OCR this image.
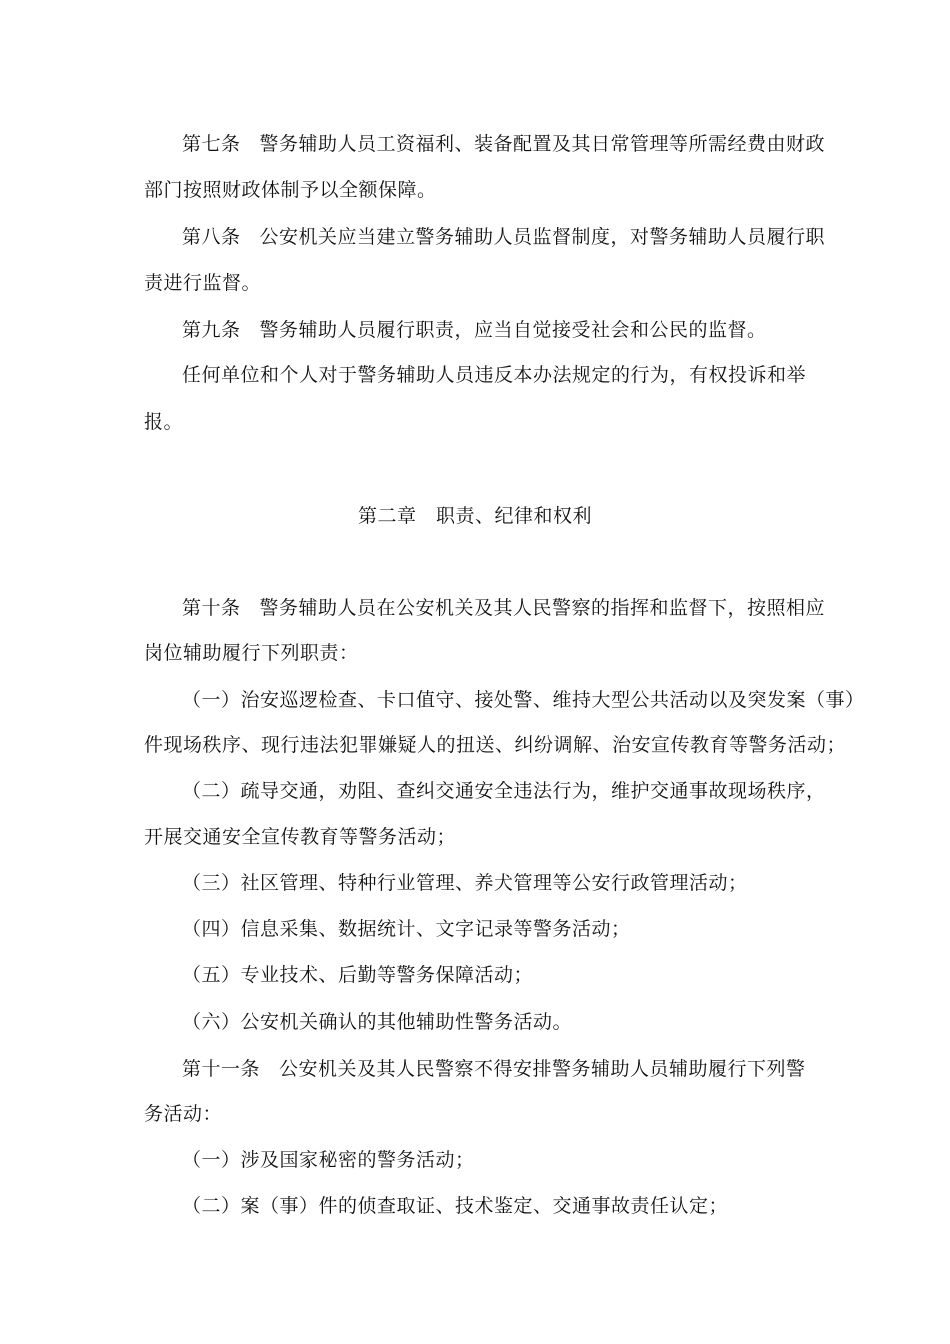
第七条 警务辅助人员工资福利、装备配置及其日常管理等所需经费由财政
部门按照财政体制予以全额保障。
第八条 公安机关应当建立警务辅助人员监督制度，对警务辅助人员履行职
责进行监督。
第九条 警务辅助人员履行职责，应当自觉接受社会和公民的监督。
任何单位和个人对于警务辅助人员违反本办法规定的行为，有权投诉和举
报。
第二章　职责、纪律和权利
第十条 警务辅助人员在公安机关及其人民警察的指挥和监督下，按照相应
岗位辅助履行下列职责：
（一）治安巡逻检查、卡口值守、接处警、维持大型公共活动以及突发案（事）
件现场秩序、现行违法犯罪嫌疑人的扭送、纠纷调解、治安宣传教育等警务活动；
（二）疏导交通，劝阻、查纠交通安全违法行为，维护交通事故现场秩序，
开展交通安全宣传教育等警务活动；
（三）社区管理、特种行业管理、养犬管理等公安行政管理活动；
（四）信息采集、数据统计、文字记录等警务活动；
（五）专业技术、后勤等警务保障活动；
（六）公安机关确认的其他辅助性警务活动。
第十一条 公安机关及其人民警察不得安排警务辅助人员辅助履行下列警
务活动：
（一）涉及国家秘密的警务活动；
（二）案（事）件的侦查取证、技术鉴定、交通事故责任认定；
